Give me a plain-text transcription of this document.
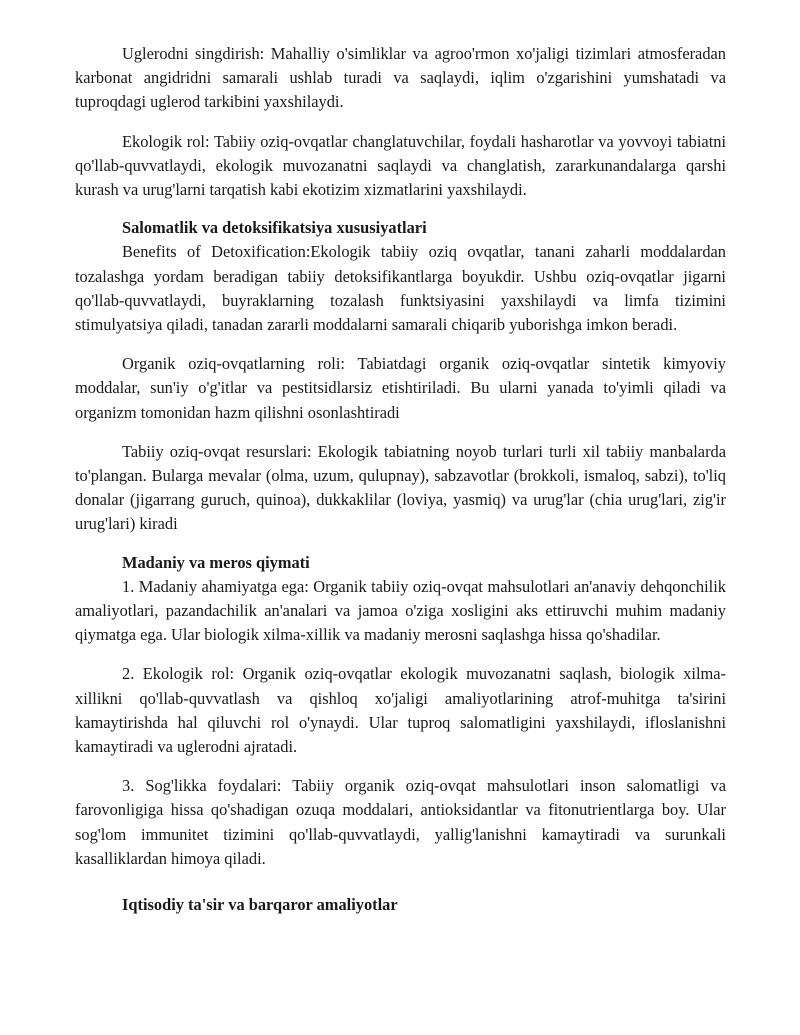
Uglerodni singdirish: Mahalliy o'simliklar va agroo'rmon xo'jaligi tizimlari atmosferadan karbonat angidridni samarali ushlab turadi va saqlaydi, iqlim o'zgarishini yumshatadi va tuproqdagi uglerod tarkibini yaxshilaydi.

Ekologik rol: Tabiiy oziq-ovqatlar changlatuvchilar, foydali hasharotlar va yovvoyi tabiatni qo'llab-quvvatlaydi, ekologik muvozanatni saqlaydi va changlatish, zararkunandalarga qarshi kurash va urug'larni tarqatish kabi ekotizim xizmatlarini yaxshilaydi.

Salomatlik va detoksifikatsiya xususiyatlari

Benefits of Detoxification:Ekologik tabiiy oziq ovqatlar, tanani zaharli moddalardan tozalashga yordam beradigan tabiiy detoksifikantlarga boyukdir. Ushbu oziq-ovqatlar jigarni qo'llab-quvvatlaydi, buyraklarning tozalash funktsiyasini yaxshilaydi va limfa tizimini stimulyatsiya qiladi, tanadan zararli moddalarni samarali chiqarib yuborishga imkon beradi.

Organik oziq-ovqatlarning roli: Tabiatdagi organik oziq-ovqatlar sintetik kimyoviy moddalar, sun'iy o'g'itlar va pestitsidlarsiz etishtiriladi. Bu ularni yanada to'yimli qiladi va organizm tomonidan hazm qilishni osonlashtiradi

Tabiiy oziq-ovqat resurslari: Ekologik tabiatning noyob turlari turli xil tabiiy manbalarda to'plangan. Bularga mevalar (olma, uzum, qulupnay), sabzavotlar (brokkoli, ismaloq, sabzi), to'liq donalar (jigarrang guruch, quinoa), dukkaklilar (loviya, yasmiq) va urug'lar (chia urug'lari, zig'ir urug'lari) kiradi

Madaniy va meros qiymati

1. Madaniy ahamiyatga ega: Organik tabiiy oziq-ovqat mahsulotlari an'anaviy dehqonchilik amaliyotlari, pazandachilik an'analari va jamoa o'ziga xosligini aks ettiruvchi muhim madaniy qiymatga ega. Ular biologik xilma-xillik va madaniy merosni saqlashga hissa qo'shadilar.

2. Ekologik rol: Organik oziq-ovqatlar ekologik muvozanatni saqlash, biologik xilma-xillikni qo'llab-quvvatlash va qishloq xo'jaligi amaliyotlarining atrof-muhitga ta'sirini kamaytirishda hal qiluvchi rol o'ynaydi. Ular tuproq salomatligini yaxshilaydi, ifloslanishni kamaytiradi va uglerodni ajratadi.

3. Sog'likka foydalari: Tabiiy organik oziq-ovqat mahsulotlari inson salomatligi va farovonligiga hissa qo'shadigan ozuqa moddalari, antioksidantlar va fitonutrientlarga boy. Ular sog'lom immunitet tizimini qo'llab-quvvatlaydi, yallig'lanishni kamaytiradi va surunkali kasalliklardan himoya qiladi.

Iqtisodiy ta'sir va barqaror amaliyotlar
